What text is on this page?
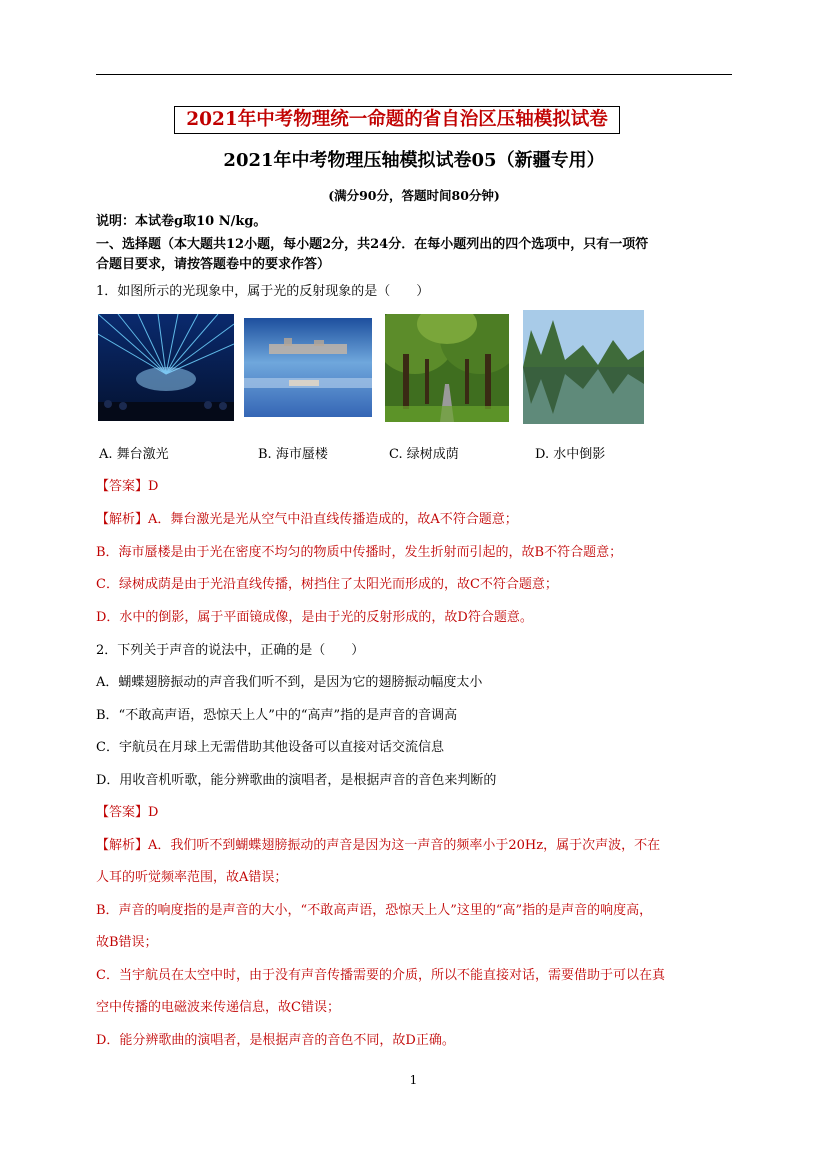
2021年中考物理统一命题的省自治区压轴模拟试卷
2021年中考物理压轴模拟试卷05（新疆专用）
(满分90分，答题时间80分钟)
说明：本试卷g取10 N/kg。
一、选择题（本大题共12小题，每小题2分，共24分．在每小题列出的四个选项中，只有一项符
合题目要求，请按答题卷中的要求作答）
1．如图所示的光现象中，属于光的反射现象的是（　　）
A. 舞台激光	B. 海市蜃楼	C. 绿树成荫	D. 水中倒影
【答案】D
【解析】A．舞台激光是光从空气中沿直线传播造成的，故A不符合题意；
B．海市蜃楼是由于光在密度不均匀的物质中传播时，发生折射而引起的，故B不符合题意；
C．绿树成荫是由于光沿直线传播，树挡住了太阳光而形成的，故C不符合题意；
D．水中的倒影，属于平面镜成像，是由于光的反射形成的，故D符合题意。
2．下列关于声音的说法中，正确的是（　　）
A．蝴蝶翅膀振动的声音我们听不到，是因为它的翅膀振动幅度太小
B．“不敢高声语，恐惊天上人”中的“高声”指的是声音的音调高
C．宇航员在月球上无需借助其他设备可以直接对话交流信息
D．用收音机听歌，能分辨歌曲的演唱者，是根据声音的音色来判断的
【答案】D
【解析】A．我们听不到蝴蝶翅膀振动的声音是因为这一声音的频率小于20Hz，属于次声波，不在
人耳的听觉频率范围，故A错误；
B．声音的响度指的是声音的大小，“不敢高声语，恐惊天上人”这里的“高”指的是声音的响度高，
故B错误；
C．当宇航员在太空中时，由于没有声音传播需要的介质，所以不能直接对话，需要借助于可以在真
空中传播的电磁波来传递信息，故C错误；
D．能分辨歌曲的演唱者，是根据声音的音色不同，故D正确。
1
